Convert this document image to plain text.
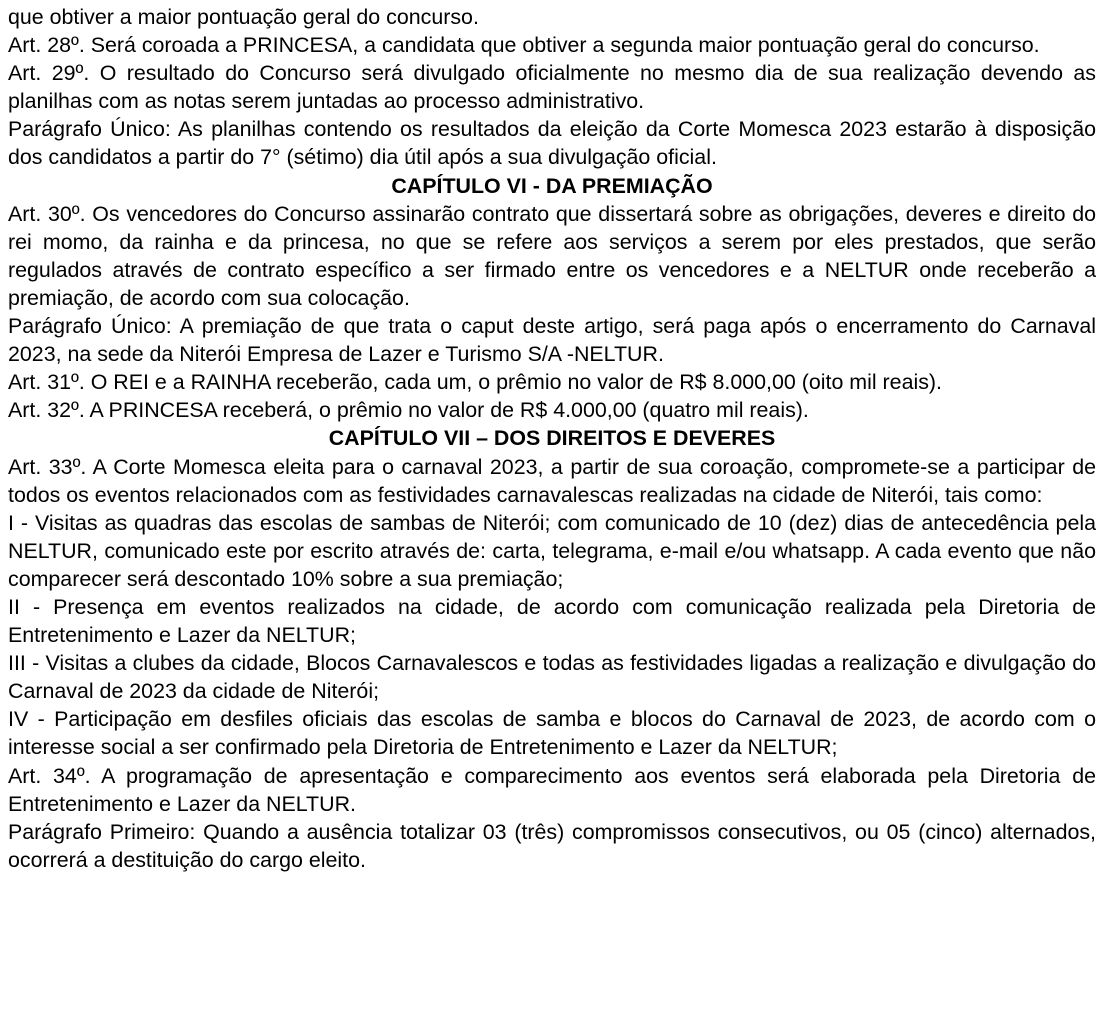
que obtiver a maior pontuação geral do concurso.

Art. 28º. Será coroada a PRINCESA, a candidata que obtiver a segunda maior pontuação geral do concurso.

Art. 29º. O resultado do Concurso será divulgado oficialmente no mesmo dia de sua realização devendo as planilhas com as notas serem juntadas ao processo administrativo.

Parágrafo Único: As planilhas contendo os resultados da eleição da Corte Momesca 2023 estarão à disposição dos candidatos a partir do 7° (sétimo) dia útil após a sua divulgação oficial.

CAPÍTULO VI - DA PREMIAÇÃO

Art. 30º. Os vencedores do Concurso assinarão contrato que dissertará sobre as obrigações, deveres e direito do rei momo, da rainha e da princesa, no que se refere aos serviços a serem por eles prestados, que serão regulados através de contrato específico a ser firmado entre os vencedores e a NELTUR onde receberão a premiação, de acordo com sua colocação.

Parágrafo Único: A premiação de que trata o caput deste artigo, será paga após o encerramento do Carnaval 2023, na sede da Niterói Empresa de Lazer e Turismo S/A -NELTUR.

Art. 31º. O REI e a RAINHA receberão, cada um, o prêmio no valor de R$ 8.000,00 (oito mil reais).

Art. 32º. A PRINCESA receberá, o prêmio no valor de R$ 4.000,00 (quatro mil reais).

CAPÍTULO VII – DOS DIREITOS E DEVERES

Art. 33º. A Corte Momesca eleita para o carnaval 2023, a partir de sua coroação, compromete-se a participar de todos os eventos relacionados com as festividades carnavalescas realizadas na cidade de Niterói, tais como:

I - Visitas as quadras das escolas de sambas de Niterói; com comunicado de 10 (dez) dias de antecedência pela NELTUR, comunicado este por escrito através de: carta, telegrama, e-mail e/ou whatsapp. A cada evento que não comparecer será descontado 10% sobre a sua premiação;

II - Presença em eventos realizados na cidade, de acordo com comunicação realizada pela Diretoria de Entretenimento e Lazer da NELTUR;

III - Visitas a clubes da cidade, Blocos Carnavalescos e todas as festividades ligadas a realização e divulgação do Carnaval de 2023 da cidade de Niterói;

IV - Participação em desfiles oficiais das escolas de samba e blocos do Carnaval de 2023, de acordo com o interesse social a ser confirmado pela Diretoria de Entretenimento e Lazer da NELTUR;

Art. 34º. A programação de apresentação e comparecimento aos eventos será elaborada pela Diretoria de Entretenimento e Lazer da NELTUR.

Parágrafo Primeiro: Quando a ausência totalizar 03 (três) compromissos consecutivos, ou 05 (cinco) alternados, ocorrerá a destituição do cargo eleito.
